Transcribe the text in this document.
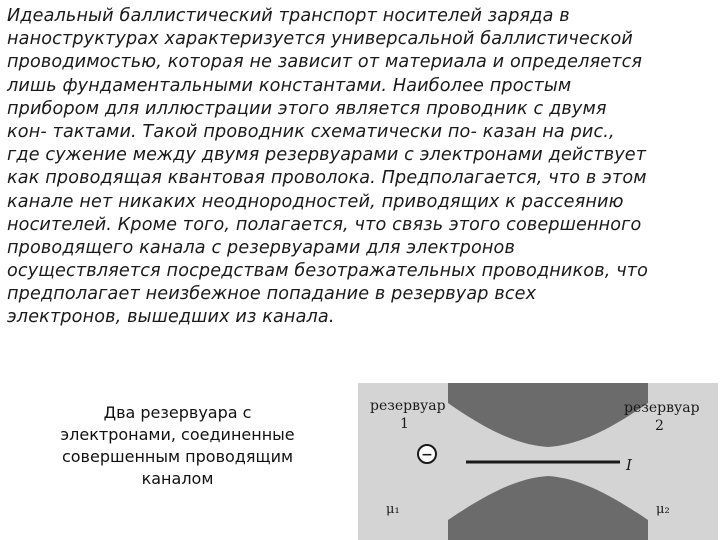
Идеальный баллистический транспорт носителей заряда в
наноструктурах характеризуется универсальной баллистической
проводимостью, которая не зависит от материала и определяется
лишь фундаментальными константами. Наиболее простым
прибором для иллюстрации этого является проводник с двумя
кон- тактами. Такой проводник схематически по- казан на рис.,
где сужение между двумя резервуарами с электронами действует
как проводящая квантовая проволока. Предполагается, что в этом
канале нет никаких неоднородностей, приводящих к рассеянию
носителей. Кроме того, полагается, что связь этого совершенного
проводящего канала с резервуарами для электронов
осуществляется посредствам безотражательных проводников, что
предполагает неизбежное попадание в резервуар всех
электронов, вышедших из канала.
Два резервуара с
электронами, соединенные
совершенным проводящим
каналом
−
резервуар
1
резервуар
2
I
μ₁	μ₂
